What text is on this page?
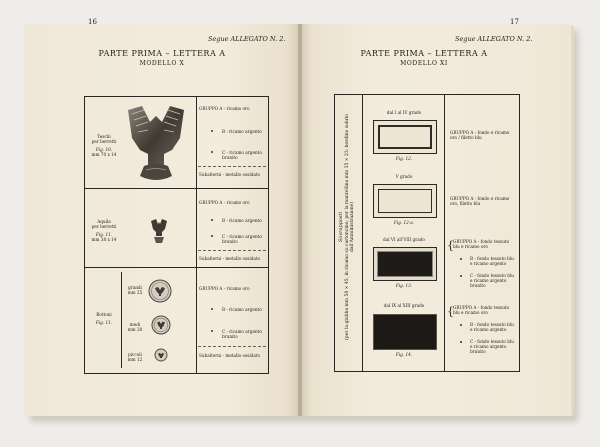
16
Segue ALLEGATO N. 2.
PARTE PRIMA – LETTERA A
MODELLO X
Teschi
per berretti
Fig. 10.
mm 70 x 14
GRUPPO A - ricamo oro
B - ricamo argento
C - ricamo argento brunito
Subalterni - metallo ossidato
Aquila
per berretti
Fig. 11.
mm 38 x 14
GRUPPO A - ricamo oro
B - ricamo argento
C - ricamo argento brunito
Subalterni - metallo ossidato
Bottoni
Fig. 11.
grandi
mm 25
medi
mm 20
piccoli
mm 12
GRUPPO A - ricamo oro
B - ricamo argento
C - ricamo argento brunito
Subalterni - metallo ossidato
17
Segue ALLEGATO N. 2.
PARTE PRIMA – LETTERA A
MODELLO XI
Sovrapposti (per la giubba mm 58 × 45, in ricamo su cartoncino; per la mantellina mm 35 × 23: bordino sobrio dall'Amministrazione)
dal I al IV grado
Fig. 12.
GRUPPO A - fondo e ricamo oro / filetto blu
V grado
Fig. 12-a.
GRUPPO A - fondo e ricamo oro, filetto blu
dal VI all'VIII grado
Fig. 13.
{ GRUPPO A - fondo tessuto blu e ricamo oro
B - fondo tessuto blu e ricamo argento
C - fondo tessuto blu e ricamo argento brunito
dal IX al XIII grado
Fig. 14.
{ GRUPPO A - fondo tessuto blu e ricamo oro
B - fondo tessuto blu e ricamo argento
C - fondo tessuto blu e ricamo argento brunito
